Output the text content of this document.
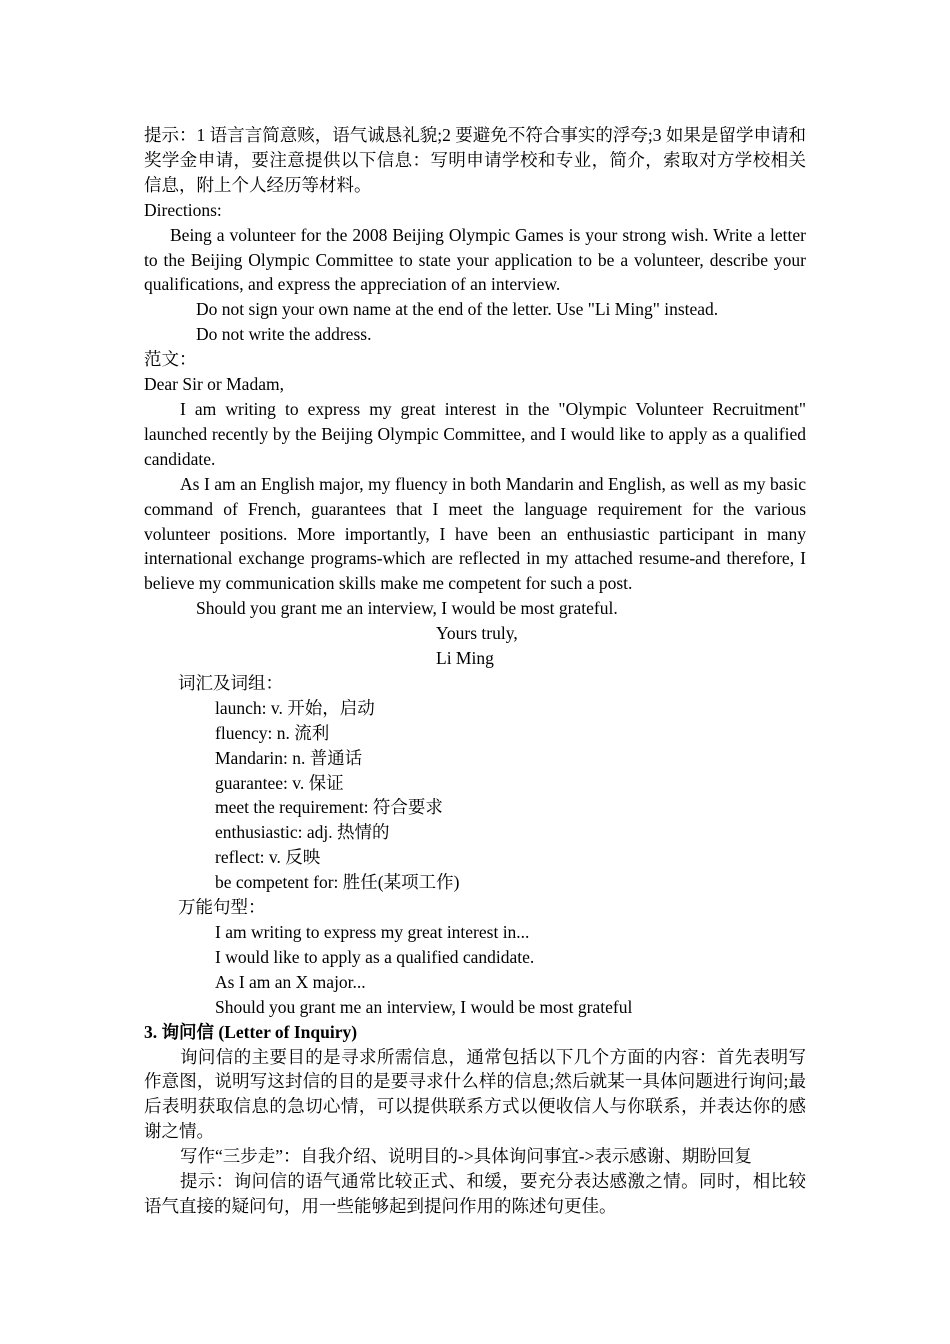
提示：1 语言言简意赅，语气诚恳礼貌;2 要避免不符合事实的浮夸;3 如果是留学申请和奖学金申请，要注意提供以下信息：写明申请学校和专业，简介，索取对方学校相关信息，附上个人经历等材料。

Directions:

Being a volunteer for the 2008 Beijing Olympic Games is your strong wish. Write a letter to the Beijing Olympic Committee to state your application to be a volunteer, describe your qualifications, and express the appreciation of an interview.

Do not sign your own name at the end of the letter. Use "Li Ming" instead.

Do not write the address.

范文：

Dear Sir or Madam,

I am writing to express my great interest in the "Olympic Volunteer Recruitment" launched recently by the Beijing Olympic Committee, and I would like to apply as a qualified candidate.

As I am an English major, my fluency in both Mandarin and English, as well as my basic command of French, guarantees that I meet the language requirement for the various volunteer positions. More importantly, I have been an enthusiastic participant in many international exchange programs-which are reflected in my attached resume-and therefore, I believe my communication skills make me competent for such a post.

Should you grant me an interview, I would be most grateful.

Yours truly,

Li Ming

词汇及词组：

launch: v. 开始，启动

fluency: n. 流利

Mandarin: n. 普通话

guarantee: v. 保证

meet the requirement: 符合要求

enthusiastic: adj. 热情的

reflect: v. 反映

be competent for: 胜任(某项工作)

万能句型：

I am writing to express my great interest in...

I would like to apply as a qualified candidate.

As I am an X major...

Should you grant me an interview, I would be most grateful

3. 询问信 (Letter of Inquiry)

询问信的主要目的是寻求所需信息，通常包括以下几个方面的内容：首先表明写作意图，说明写这封信的目的是要寻求什么样的信息;然后就某一具体问题进行询问;最后表明获取信息的急切心情，可以提供联系方式以便收信人与你联系，并表达你的感谢之情。

写作“三步走”：自我介绍、说明目的->具体询问事宜->表示感谢、期盼回复

提示：询问信的语气通常比较正式、和缓，要充分表达感激之情。同时，相比较语气直接的疑问句，用一些能够起到提问作用的陈述句更佳。
